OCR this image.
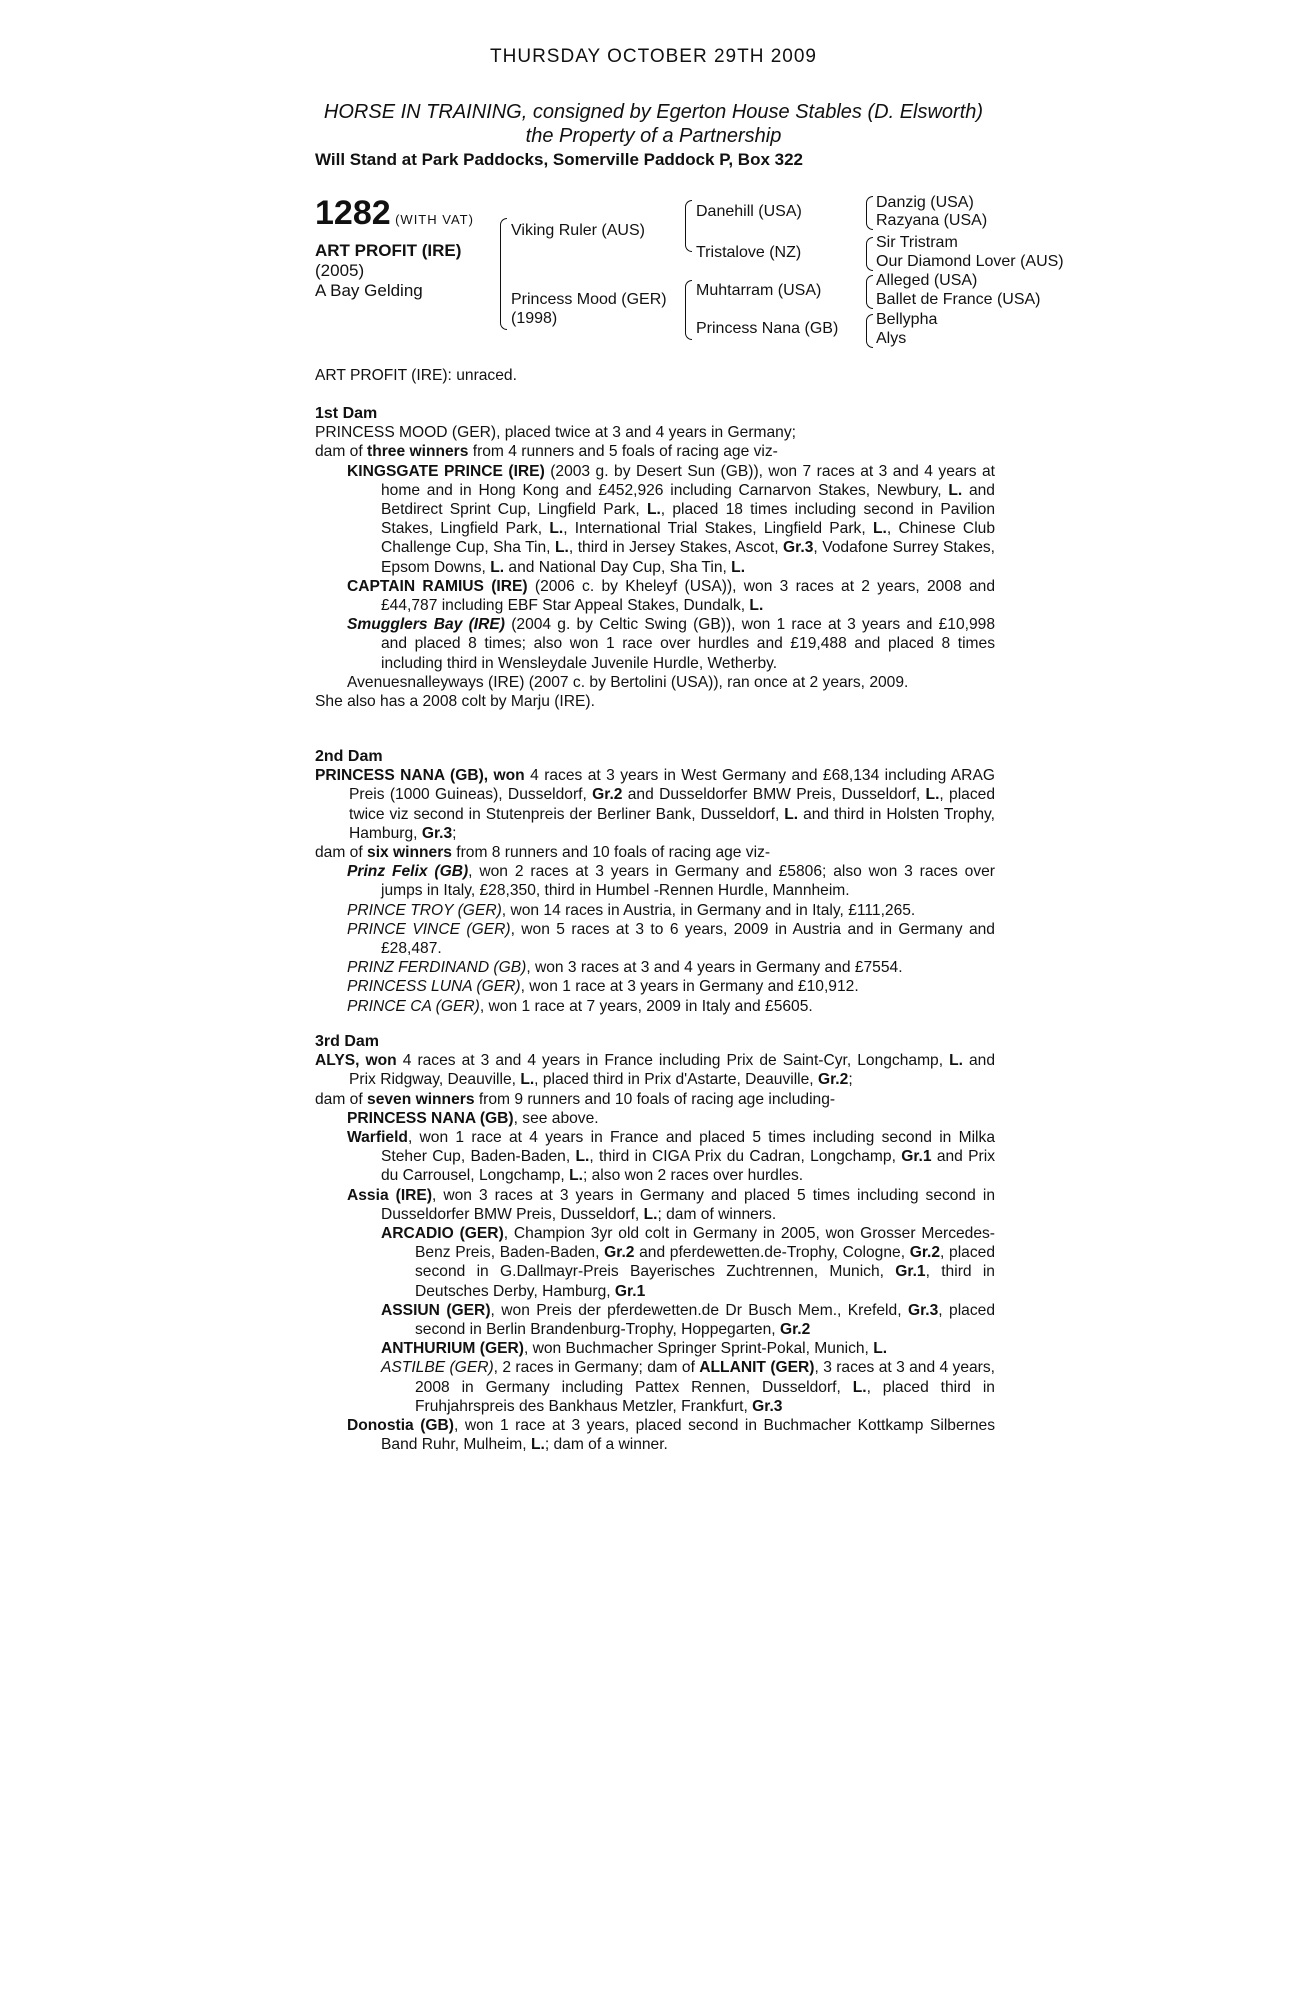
THURSDAY OCTOBER 29TH 2009
HORSE IN TRAINING, consigned by Egerton House Stables (D. Elsworth)
the Property of a Partnership
Will Stand at Park Paddocks, Somerville Paddock P, Box 322
1282 (WITH VAT)
ART PROFIT (IRE)
(2005)
A Bay Gelding
Viking Ruler (AUS)
Princess Mood (GER)
(1998)
Danehill (USA)
Tristalove (NZ)
Muhtarram (USA)
Princess Nana (GB)
Danzig (USA)
Razyana (USA)
Sir Tristram
Our Diamond Lover (AUS)
Alleged (USA)
Ballet de France (USA)
Bellypha
Alys
ART PROFIT (IRE): unraced.
1st Dam
PRINCESS MOOD (GER), placed twice at 3 and 4 years in Germany;
dam of three winners from 4 runners and 5 foals of racing age viz-
KINGSGATE PRINCE (IRE) (2003 g. by Desert Sun (GB)), won 7 races at 3 and 4 years at home and in Hong Kong and £452,926 including Carnarvon Stakes, Newbury, L. and Betdirect Sprint Cup, Lingfield Park, L., placed 18 times including second in Pavilion Stakes, Lingfield Park, L., International Trial Stakes, Lingfield Park, L., Chinese Club Challenge Cup, Sha Tin, L., third in Jersey Stakes, Ascot, Gr.3, Vodafone Surrey Stakes, Epsom Downs, L. and National Day Cup, Sha Tin, L.
CAPTAIN RAMIUS (IRE) (2006 c. by Kheleyf (USA)), won 3 races at 2 years, 2008 and £44,787 including EBF Star Appeal Stakes, Dundalk, L.
Smugglers Bay (IRE) (2004 g. by Celtic Swing (GB)), won 1 race at 3 years and £10,998 and placed 8 times; also won 1 race over hurdles and £19,488 and placed 8 times including third in Wensleydale Juvenile Hurdle, Wetherby.
Avenuesnalleyways (IRE) (2007 c. by Bertolini (USA)), ran once at 2 years, 2009.
She also has a 2008 colt by Marju (IRE).
2nd Dam
PRINCESS NANA (GB), won 4 races at 3 years in West Germany and £68,134 including ARAG Preis (1000 Guineas), Dusseldorf, Gr.2 and Dusseldorfer BMW Preis, Dusseldorf, L., placed twice viz second in Stutenpreis der Berliner Bank, Dusseldorf, L. and third in Holsten Trophy, Hamburg, Gr.3;
dam of six winners from 8 runners and 10 foals of racing age viz-
Prinz Felix (GB), won 2 races at 3 years in Germany and £5806; also won 3 races over jumps in Italy, £28,350, third in Humbel -Rennen Hurdle, Mannheim.
PRINCE TROY (GER), won 14 races in Austria, in Germany and in Italy, £111,265.
PRINCE VINCE (GER), won 5 races at 3 to 6 years, 2009 in Austria and in Germany and £28,487.
PRINZ FERDINAND (GB), won 3 races at 3 and 4 years in Germany and £7554.
PRINCESS LUNA (GER), won 1 race at 3 years in Germany and £10,912.
PRINCE CA (GER), won 1 race at 7 years, 2009 in Italy and £5605.
3rd Dam
ALYS, won 4 races at 3 and 4 years in France including Prix de Saint-Cyr, Longchamp, L. and Prix Ridgway, Deauville, L., placed third in Prix d'Astarte, Deauville, Gr.2;
dam of seven winners from 9 runners and 10 foals of racing age including-
PRINCESS NANA (GB), see above.
Warfield, won 1 race at 4 years in France and placed 5 times including second in Milka Steher Cup, Baden-Baden, L., third in CIGA Prix du Cadran, Longchamp, Gr.1 and Prix du Carrousel, Longchamp, L.; also won 2 races over hurdles.
Assia (IRE), won 3 races at 3 years in Germany and placed 5 times including second in Dusseldorfer BMW Preis, Dusseldorf, L.; dam of winners.
ARCADIO (GER), Champion 3yr old colt in Germany in 2005, won Grosser Mercedes-Benz Preis, Baden-Baden, Gr.2 and pferdewetten.de-Trophy, Cologne, Gr.2, placed second in G.Dallmayr-Preis Bayerisches Zuchtrennen, Munich, Gr.1, third in Deutsches Derby, Hamburg, Gr.1
ASSIUN (GER), won Preis der pferdewetten.de Dr Busch Mem., Krefeld, Gr.3, placed second in Berlin Brandenburg-Trophy, Hoppegarten, Gr.2
ANTHURIUM (GER), won Buchmacher Springer Sprint-Pokal, Munich, L.
ASTILBE (GER), 2 races in Germany; dam of ALLANIT (GER), 3 races at 3 and 4 years, 2008 in Germany including Pattex Rennen, Dusseldorf, L., placed third in Fruhjahrspreis des Bankhaus Metzler, Frankfurt, Gr.3
Donostia (GB), won 1 race at 3 years, placed second in Buchmacher Kottkamp Silbernes Band Ruhr, Mulheim, L.; dam of a winner.
